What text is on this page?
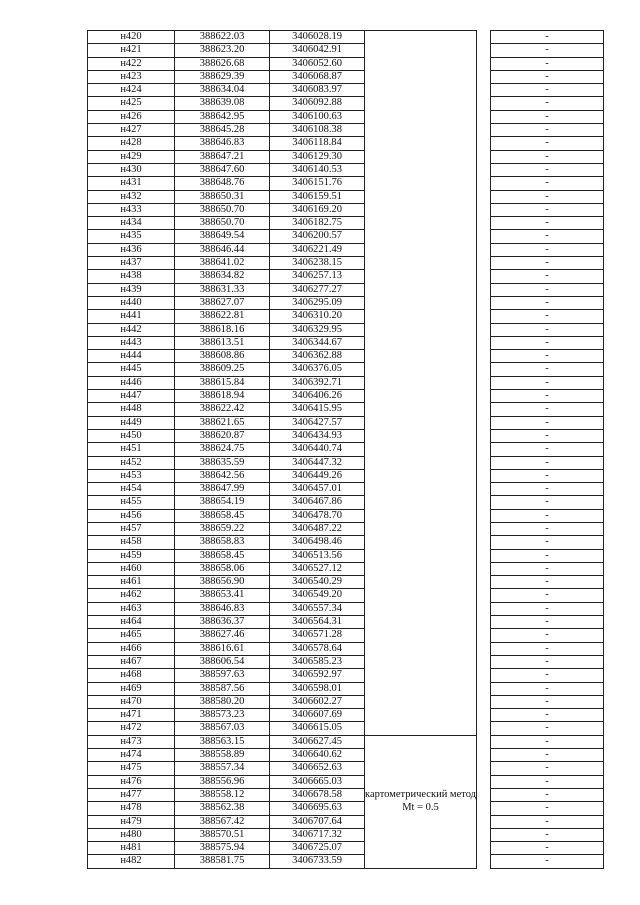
н420	388622.03	3406028.19			-
н421	388623.20	3406042.91			-
н422	388626.68	3406052.60			-
н423	388629.39	3406068.87			-
н424	388634.04	3406083.97			-
н425	388639.08	3406092.88			-
н426	388642.95	3406100.63			-
н427	388645.28	3406108.38			-
н428	388646.83	3406118.84			-
н429	388647.21	3406129.30			-
н430	388647.60	3406140.53			-
н431	388648.76	3406151.76			-
н432	388650.31	3406159.51			-
н433	388650.70	3406169.20			-
н434	388650.70	3406182.75			-
н435	388649.54	3406200.57			-
н436	388646.44	3406221.49			-
н437	388641.02	3406238.15			-
н438	388634.82	3406257.13			-
н439	388631.33	3406277.27			-
н440	388627.07	3406295.09			-
н441	388622.81	3406310.20			-
н442	388618.16	3406329.95			-
н443	388613.51	3406344.67			-
н444	388608.86	3406362.88			-
н445	388609.25	3406376.05			-
н446	388615.84	3406392.71			-
н447	388618.94	3406406.26			-
н448	388622.42	3406415.95			-
н449	388621.65	3406427.57			-
н450	388620.87	3406434.93			-
н451	388624.75	3406440.74			-
н452	388635.59	3406447.32			-
н453	388642.56	3406449.26			-
н454	388647.99	3406457.01			-
н455	388654.19	3406467.86			-
н456	388658.45	3406478.70			-
н457	388659.22	3406487.22			-
н458	388658.83	3406498.46			-
н459	388658.45	3406513.56			-
н460	388658.06	3406527.12			-
н461	388656.90	3406540.29			-
н462	388653.41	3406549.20			-
н463	388646.83	3406557.34			-
н464	388636.37	3406564.31			-
н465	388627.46	3406571.28			-
н466	388616.61	3406578.64			-
н467	388606.54	3406585.23			-
н468	388597.63	3406592.97			-
н469	388587.56	3406598.01			-
н470	388580.20	3406602.27			-
н471	388573.23	3406607.69			-
н472	388567.03	3406615.05			-
н473	388563.15	3406627.45	картометрический метод Mt = 0.5		-
н474	388558.89	3406640.62			-
н475	388557.34	3406652.63			-
н476	388556.96	3406665.03			-
н477	388558.12	3406678.58			-
н478	388562.38	3406695.63			-
н479	388567.42	3406707.64			-
н480	388570.51	3406717.32			-
н481	388575.94	3406725.07			-
н482	388581.75	3406733.59			-
